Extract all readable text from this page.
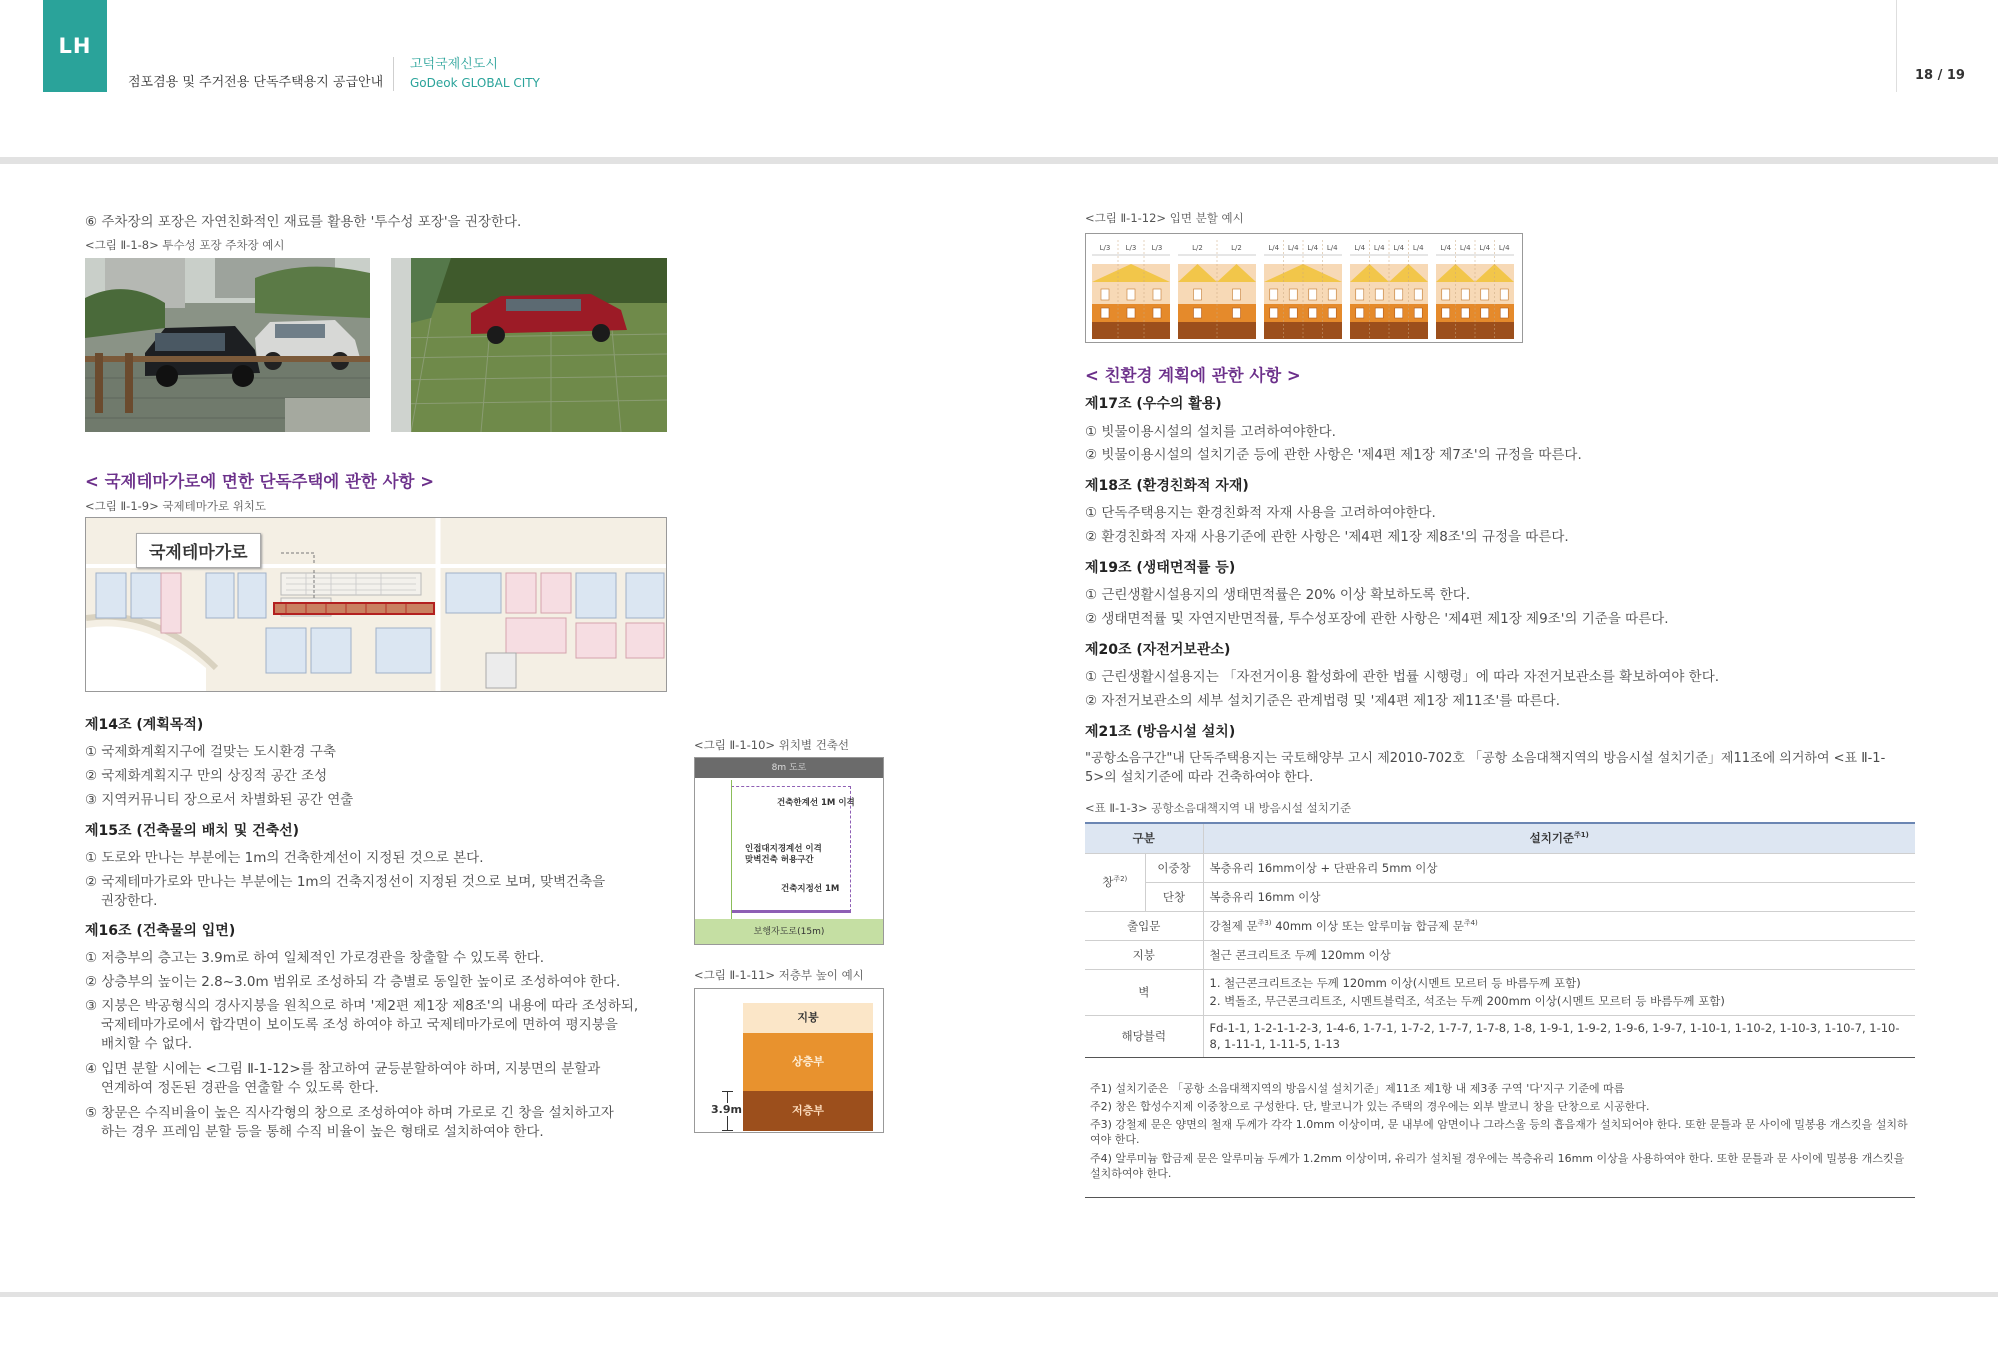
LH
점포겸용 및 주거전용 단독주택용지 공급안내
고덕국제신도시
GoDeok GLOBAL CITY	18 / 19
⑥ 주차장의 포장은 자연친화적인 재료를 활용한 '투수성 포장'을 권장한다.
<그림 Ⅱ-1-8> 투수성 포장 주차장 예시
< 국제테마가로에 면한 단독주택에 관한 사항 >
<그림 Ⅱ-1-9> 국제테마가로 위치도
국제테마가로
제14조 (계획목적)
① 국제화계획지구에 걸맞는 도시환경 구축
② 국제화계획지구 만의 상징적 공간 조성
③ 지역커뮤니티 장으로서 차별화된 공간 연출
제15조 (건축물의 배치 및 건축선)
① 도로와 만나는 부분에는 1m의 건축한계선이 지정된 것으로 본다.
② 국제테마가로와 만나는 부분에는 1m의 건축지정선이 지정된 것으로 보며, 맞벽건축을
권장한다.
제16조 (건축물의 입면)
① 저층부의 층고는 3.9m로 하여 일체적인 가로경관을 창출할 수 있도록 한다.
② 상층부의 높이는 2.8~3.0m 범위로 조성하되 각 층별로 동일한 높이로 조성하여야 한다.
③ 지붕은 박공형식의 경사지붕을 원칙으로 하며 '제2편 제1장 제8조'의 내용에 따라 조성하되,
국제테마가로에서 합각면이 보이도록 조성 하여야 하고 국제테마가로에 면하여 평지붕을
배치할 수 없다.
④ 입면 분할 시에는 <그림 Ⅱ-1-12>를 참고하여 균등분할하여야 하며, 지붕면의 분할과
연계하여 정돈된 경관을 연출할 수 있도록 한다.
⑤ 창문은 수직비율이 높은 직사각형의 창으로 조성하여야 하며 가로로 긴 창을 설치하고자
하는 경우 프레임 분할 등을 통해 수직 비율이 높은 형태로 설치하여야 한다.
<그림 Ⅱ-1-10> 위치별 건축선
8m 도로
건축한계선 1M 이격
인접대지경계선 이격
맞벽건축 허용구간
건축지정선 1M
보행자도로(15m)
<그림 Ⅱ-1-11> 저층부 높이 예시
지붕
상층부
저층부
3.9m
<그림 Ⅱ-1-12> 입면 분할 예시
L/3 L/3 L/3	L/2	L/2	L/4 L/4 L/4 L/4 L/4 L/4 L/4 L/4 L/4 L/4 L/4 L/4
< 친환경 계획에 관한 사항 >
제17조 (우수의 활용)
① 빗물이용시설의 설치를 고려하여야한다.
② 빗물이용시설의 설치기준 등에 관한 사항은 '제4편 제1장 제7조'의 규정을 따른다.
제18조 (환경친화적 자재)
① 단독주택용지는 환경친화적 자재 사용을 고려하여야한다.
② 환경친화적 자재 사용기준에 관한 사항은 '제4편 제1장 제8조'의 규정을 따른다.
제19조 (생태면적률 등)
① 근린생활시설용지의 생태면적률은 20% 이상 확보하도록 한다.
② 생태면적률 및 자연지반면적률, 투수성포장에 관한 사항은 '제4편 제1장 제9조'의 기준을 따른다.
제20조 (자전거보관소)
① 근린생활시설용지는 「자전거이용 활성화에 관한 법률 시행령」에 따라 자전거보관소를 확보하여야 한다.
② 자전거보관소의 세부 설치기준은 관계법령 및 '제4편 제1장 제11조'를 따른다.
제21조 (방음시설 설치)
"공항소음구간"내 단독주택용지는 국토해양부 고시 제2010-702호 「공항 소음대책지역의 방음시설 설치기준」제11조에 의거하여 <표 Ⅱ-1-
5>의 설치기준에 따라 건축하여야 한다.
<표 Ⅱ-1-3> 공항소음대책지역 내 방음시설 설치기준
구분		설치기준$^{주1)}$
창$^{주2)}$	이중창	복층유리 16mm이상 + 단판유리 5mm 이상
	단창	복층유리 16mm 이상
출입문		강철제 문$^{주3)}$ 40mm 이상 또는 알루미늄 합금제 문$^{주4)}$
지붕		철근 콘크리트조 두께 120mm 이상
벽		1. 철근콘크리트조는 두께 120mm 이상(시멘트 모르터 등 바름두께 포함)
2. 벽돌조, 무근콘크리트조, 시멘트블럭조, 석조는 두께 200mm 이상(시멘트 모르터 등 바름두께 포함)

해당블럭		Fd-1-1, 1-2-1-1-2-3, 1-4-6, 1-7-1, 1-7-2, 1-7-7, 1-7-8, 1-8, 1-9-1, 1-9-2, 1-9-6, 1-9-7, 1-10-1, 1-10-2, 1-10-3, 1-10-7, 1-10-8, 1-11-1, 1-11-5, 1-13
주1) 설치기준은 「공항 소음대책지역의 방음시설 설치기준」제11조 제1항 내 제3종 구역 '다'지구 기준에 따름
주2) 창은 합성수지제 이중창으로 구성한다. 단, 발코니가 있는 주택의 경우에는 외부 발코니 창을 단창으로 시공한다.
주3) 강철제 문은 양면의 철재 두께가 각각 1.0mm 이상이며, 문 내부에 암면이나 그라스울 등의 흡음재가 설치되어야 한다. 또한 문틀과 문 사이에 밀봉용 개스킷을 설치하여야 한다.
주4) 알루미늄 합금제 문은 알루미늄 두께가 1.2mm 이상이며, 유리가 설치될 경우에는 복층유리 16mm 이상을 사용하여야 한다. 또한 문틀과 문 사이에 밀봉용 개스킷을 설치하여야 한다.
